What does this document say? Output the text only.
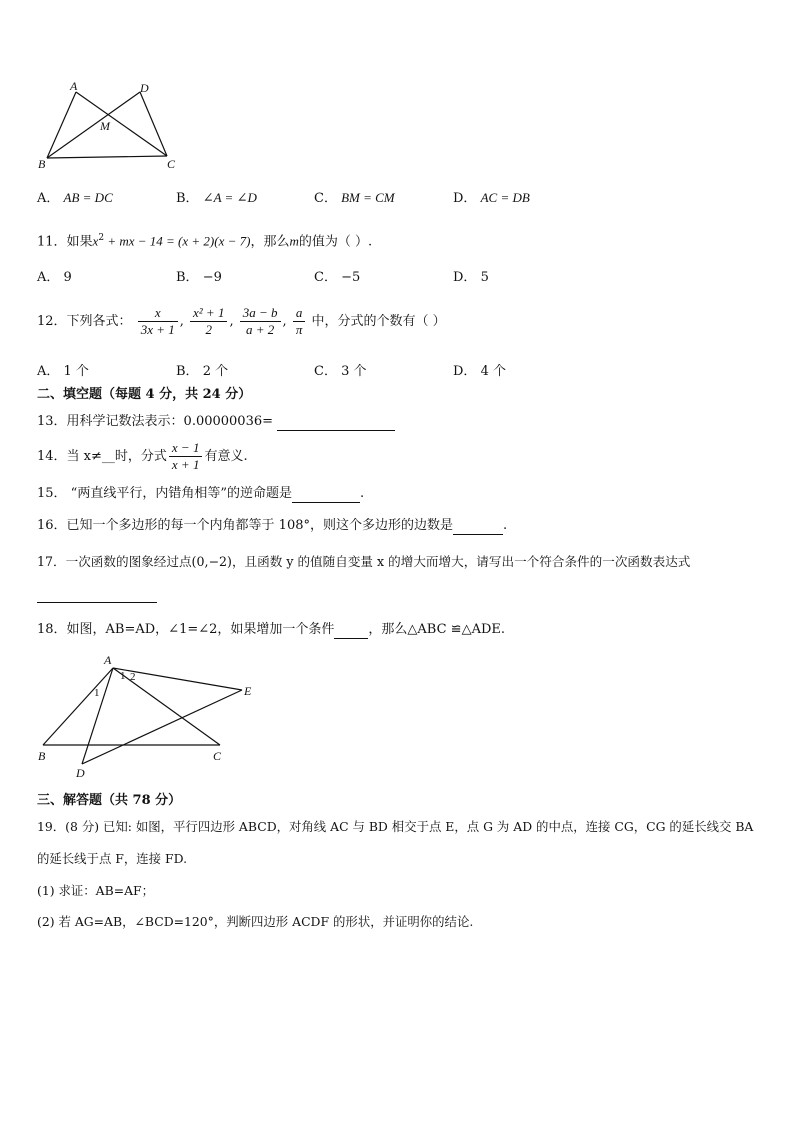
A	D
M
B	C
A． AB = DC	B． ∠A = ∠D	C． BM = CM	D． AC = DB
11．如果$x^2$ + mx − 14 = (x + 2)(x − 7)，那么m的值为（ ）.
A． 9	B． −9	C． −5	D． 5
12．下列各式： $\frac{x}{3x + 1}$ , $\frac{\text{x² + 1}}{2}$ , $\frac{3a - b}{a + 2}$ , $\frac{a}{\pi}$ 中，分式的个数有（ ）
A． 1 个	B． 2 个	C． 3 个	D． 4 个
二、填空题（每题 4 分，共 24 分）
13．用科学记数法表示：0.00000036=
14．当 x≠__时，分式 $\frac{x - 1}{x + 1}$ 有意义.
15． “两直线平行，内错角相等”的逆命题是	.
16．已知一个多边形的每一个内角都等于 108°，则这个多边形的边数是	.
17．一次函数的图象经过点(0,−2)，且函数 y 的值随自变量 x 的增大而增大，请写出一个符合条件的一次函数表达式
18．如图，AB=AD，∠1=∠2，如果增加一个条件	，那么△ABC ≌△ADE.
A
1 2
E
1
B	C
D
三、解答题（共 78 分）
19．(8 分) 已知: 如图，平行四边形 ABCD，对角线 AC 与 BD 相交于点 E，点 G 为 AD 的中点，连接 CG，CG 的延长线交 BA
的延长线于点 F，连接 FD.
(1) 求证：AB=AF；
(2) 若 AG=AB，∠BCD=120°，判断四边形 ACDF 的形状，并证明你的结论.
